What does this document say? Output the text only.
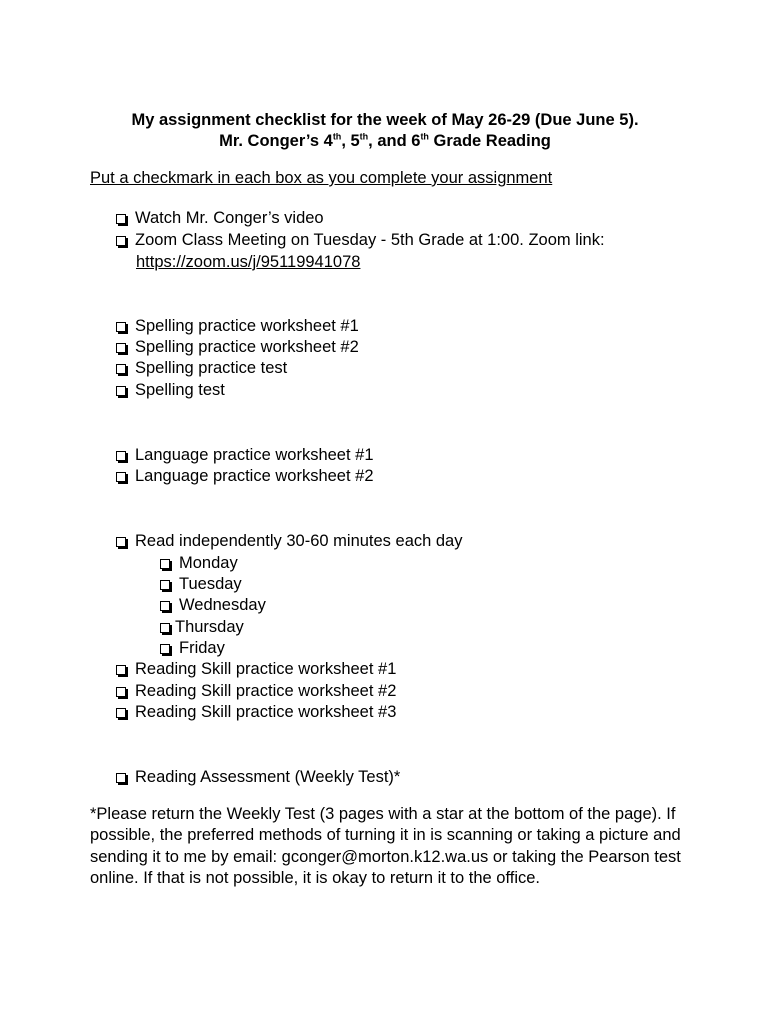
My assignment checklist for the week of May 26-29 (Due June 5).
Mr. Conger’s 4th, 5th, and 6th Grade Reading
Put a checkmark in each box as you complete your assignment
Watch Mr. Conger’s video
Zoom Class Meeting on Tuesday - 5th Grade at 1:00. Zoom link:
https://zoom.us/j/95119941078
Spelling practice worksheet #1
Spelling practice worksheet #2
Spelling practice test
Spelling test
Language practice worksheet #1
Language practice worksheet #2
Read independently 30-60 minutes each day
Monday
Tuesday
Wednesday
Thursday
Friday
Reading Skill practice worksheet #1
Reading Skill practice worksheet #2
Reading Skill practice worksheet #3
Reading Assessment (Weekly Test)*
*Please return the Weekly Test (3 pages with a star at the bottom of the page). If possible, the preferred methods of turning it in is scanning or taking a picture and sending it to me by email: gconger@morton.k12.wa.us or taking the Pearson test online. If that is not possible, it is okay to return it to the office.
